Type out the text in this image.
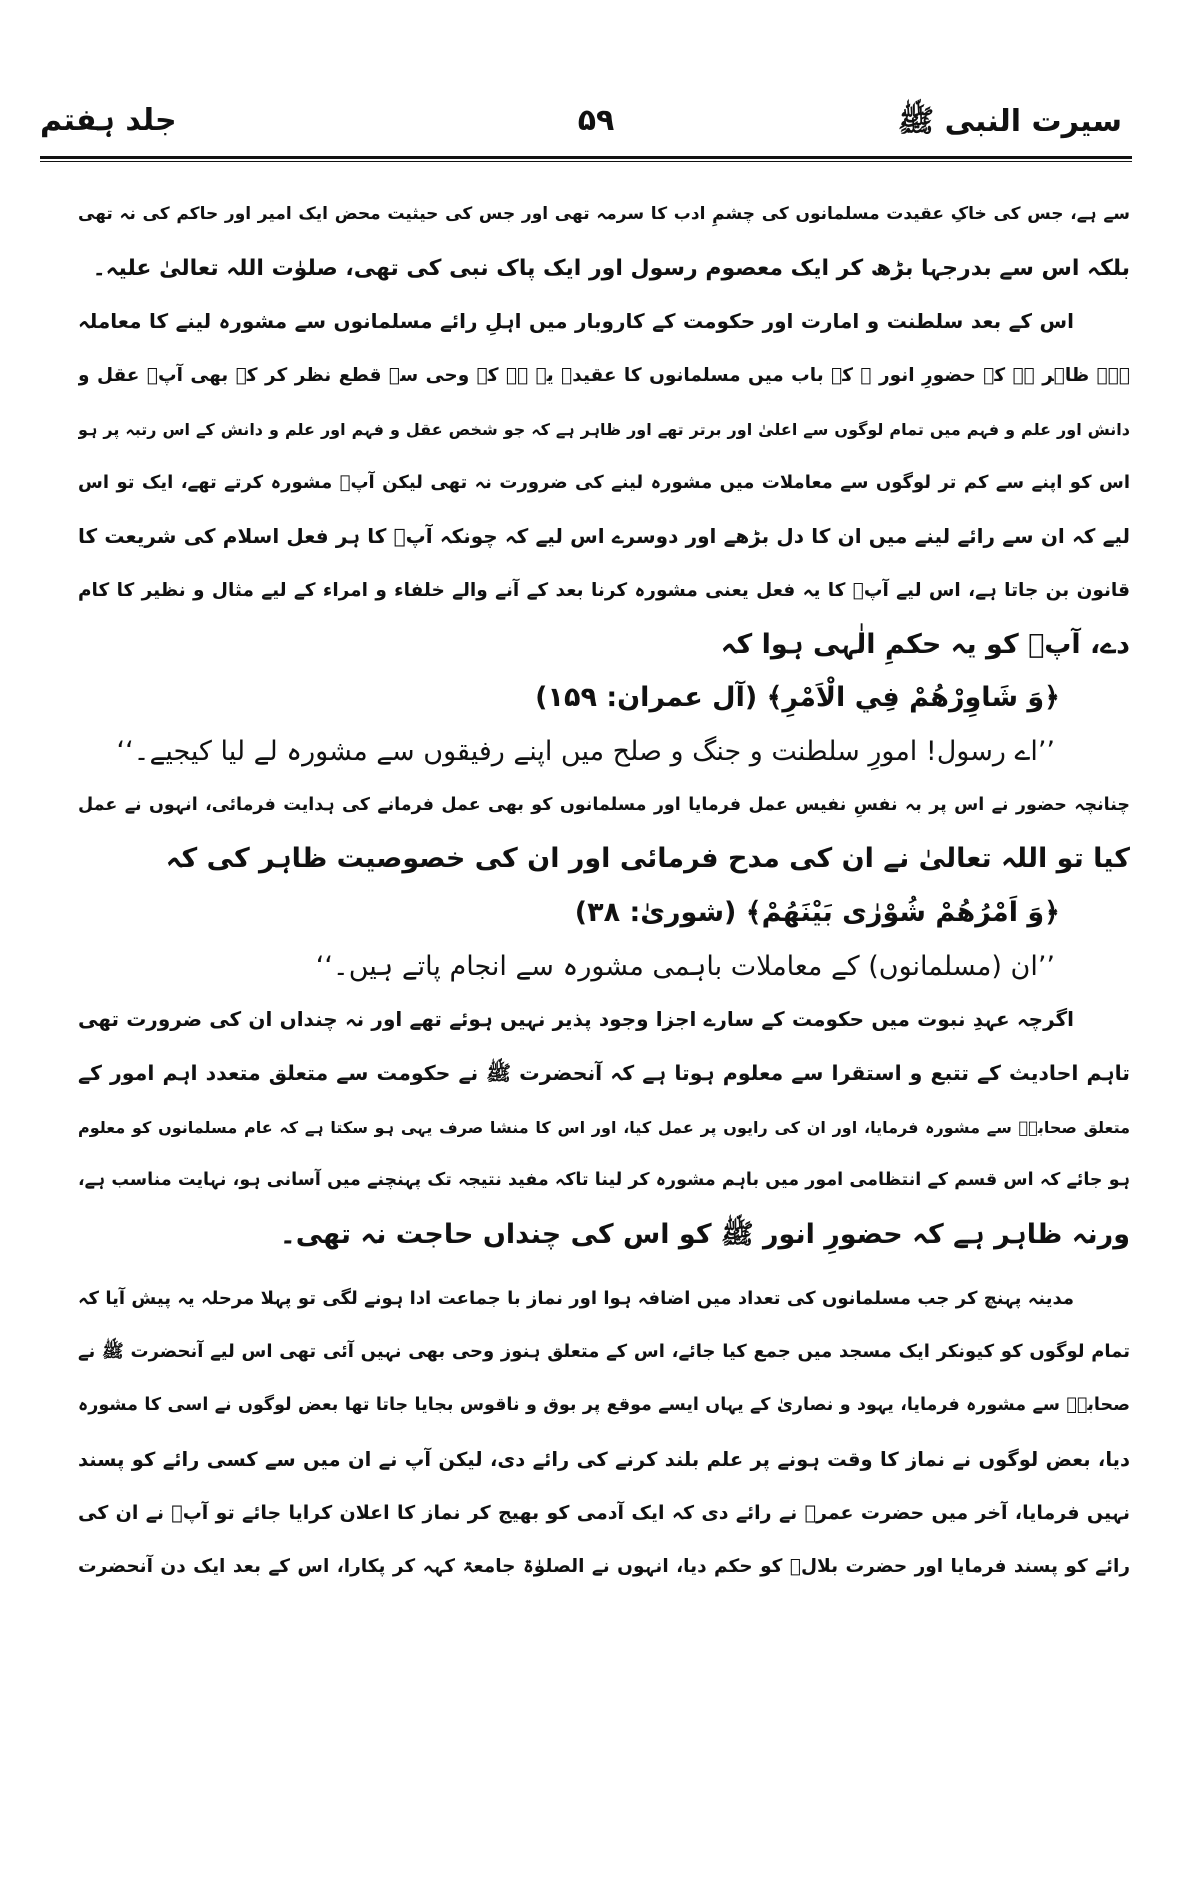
سیرت النبی ﷺ
۵۹
جلد ہفتم
سے ہے، جس کی خاکِ عقیدت مسلمانوں کی چشمِ ادب کا سرمہ تھی اور جس کی حیثیت محض ایک امیر اور حاکم کی نہ تھی
بلکہ اس سے بدرجہا بڑھ کر ایک معصوم رسول اور ایک پاک نبی کی تھی، صلوٰت اللہ تعالیٰ علیہ۔
اس کے بعد سلطنت و امارت اور حکومت کے کاروبار میں اہلِ رائے مسلمانوں سے مشورہ لینے کا معاملہ
ہے۔ ظاہر ہے کہ حضورِ انور ﷺ کے باب میں مسلمانوں کا عقیدہ یہ ہے کہ وحی سے قطع نظر کر کے بھی آپؐ عقل و
دانش اور علم و فہم میں تمام لوگوں سے اعلیٰ اور برتر تھے اور ظاہر ہے کہ جو شخص عقل و فہم اور علم و دانش کے اس رتبہ پر ہو
اس کو اپنے سے کم تر لوگوں سے معاملات میں مشورہ لینے کی ضرورت نہ تھی لیکن آپؐ مشورہ کرتے تھے، ایک تو اس
لیے کہ ان سے رائے لینے میں ان کا دل بڑھے اور دوسرے اس لیے کہ چونکہ آپؐ کا ہر فعل اسلام کی شریعت کا
قانون بن جاتا ہے، اس لیے آپؐ کا یہ فعل یعنی مشورہ کرنا بعد کے آنے والے خلفاء و امراء کے لیے مثال و نظیر کا کام
دے، آپؐ کو یہ حکمِ الٰہی ہوا کہ
﴿وَ شَاوِرْهُمْ فِي الْاَمْرِ﴾ (آل عمران: ۱۵۹)
’’اے رسول! امورِ سلطنت و جنگ و صلح میں اپنے رفیقوں سے مشورہ لے لیا کیجیے۔‘‘
چنانچہ حضور نے اس پر بہ نفسِ نفیس عمل فرمایا اور مسلمانوں کو بھی عمل فرمانے کی ہدایت فرمائی، انہوں نے عمل
کیا تو اللہ تعالیٰ نے ان کی مدح فرمائی اور ان کی خصوصیت ظاہر کی کہ
﴿وَ اَمْرُهُمْ شُوْرٰى بَيْنَهُمْ﴾ (شوریٰ: ۳۸)
’’ان (مسلمانوں) کے معاملات باہمی مشورہ سے انجام پاتے ہیں۔‘‘
اگرچہ عہدِ نبوت میں حکومت کے سارے اجزا وجود پذیر نہیں ہوئے تھے اور نہ چنداں ان کی ضرورت تھی
تاہم احادیث کے تتبع و استقرا سے معلوم ہوتا ہے کہ آنحضرت ﷺ نے حکومت سے متعلق متعدد اہم امور کے
متعلق صحابہؓ سے مشورہ فرمایا، اور ان کی رایوں پر عمل کیا، اور اس کا منشا صرف یہی ہو سکتا ہے کہ عام مسلمانوں کو معلوم
ہو جائے کہ اس قسم کے انتظامی امور میں باہم مشورہ کر لینا تاکہ مفید نتیجہ تک پہنچنے میں آسانی ہو، نہایت مناسب ہے،
ورنہ ظاہر ہے کہ حضورِ انور ﷺ کو اس کی چنداں حاجت نہ تھی۔
مدینہ پہنچ کر جب مسلمانوں کی تعداد میں اضافہ ہوا اور نماز با جماعت ادا ہونے لگی تو پہلا مرحلہ یہ پیش آیا کہ
تمام لوگوں کو کیونکر ایک مسجد میں جمع کیا جائے، اس کے متعلق ہنوز وحی بھی نہیں آئی تھی اس لیے آنحضرت ﷺ نے
صحابہؓ سے مشورہ فرمایا، یہود و نصاریٰ کے یہاں ایسے موقع پر بوق و ناقوس بجایا جاتا تھا بعض لوگوں نے اسی کا مشورہ
دیا، بعض لوگوں نے نماز کا وقت ہونے پر علم بلند کرنے کی رائے دی، لیکن آپ نے ان میں سے کسی رائے کو پسند
نہیں فرمایا، آخر میں حضرت عمرؓ نے رائے دی کہ ایک آدمی کو بھیج کر نماز کا اعلان کرایا جائے تو آپؐ نے ان کی
رائے کو پسند فرمایا اور حضرت بلالؓ کو حکم دیا، انہوں نے الصلوٰۃ جامعۃ کہہ کر پکارا، اس کے بعد ایک دن آنحضرت
